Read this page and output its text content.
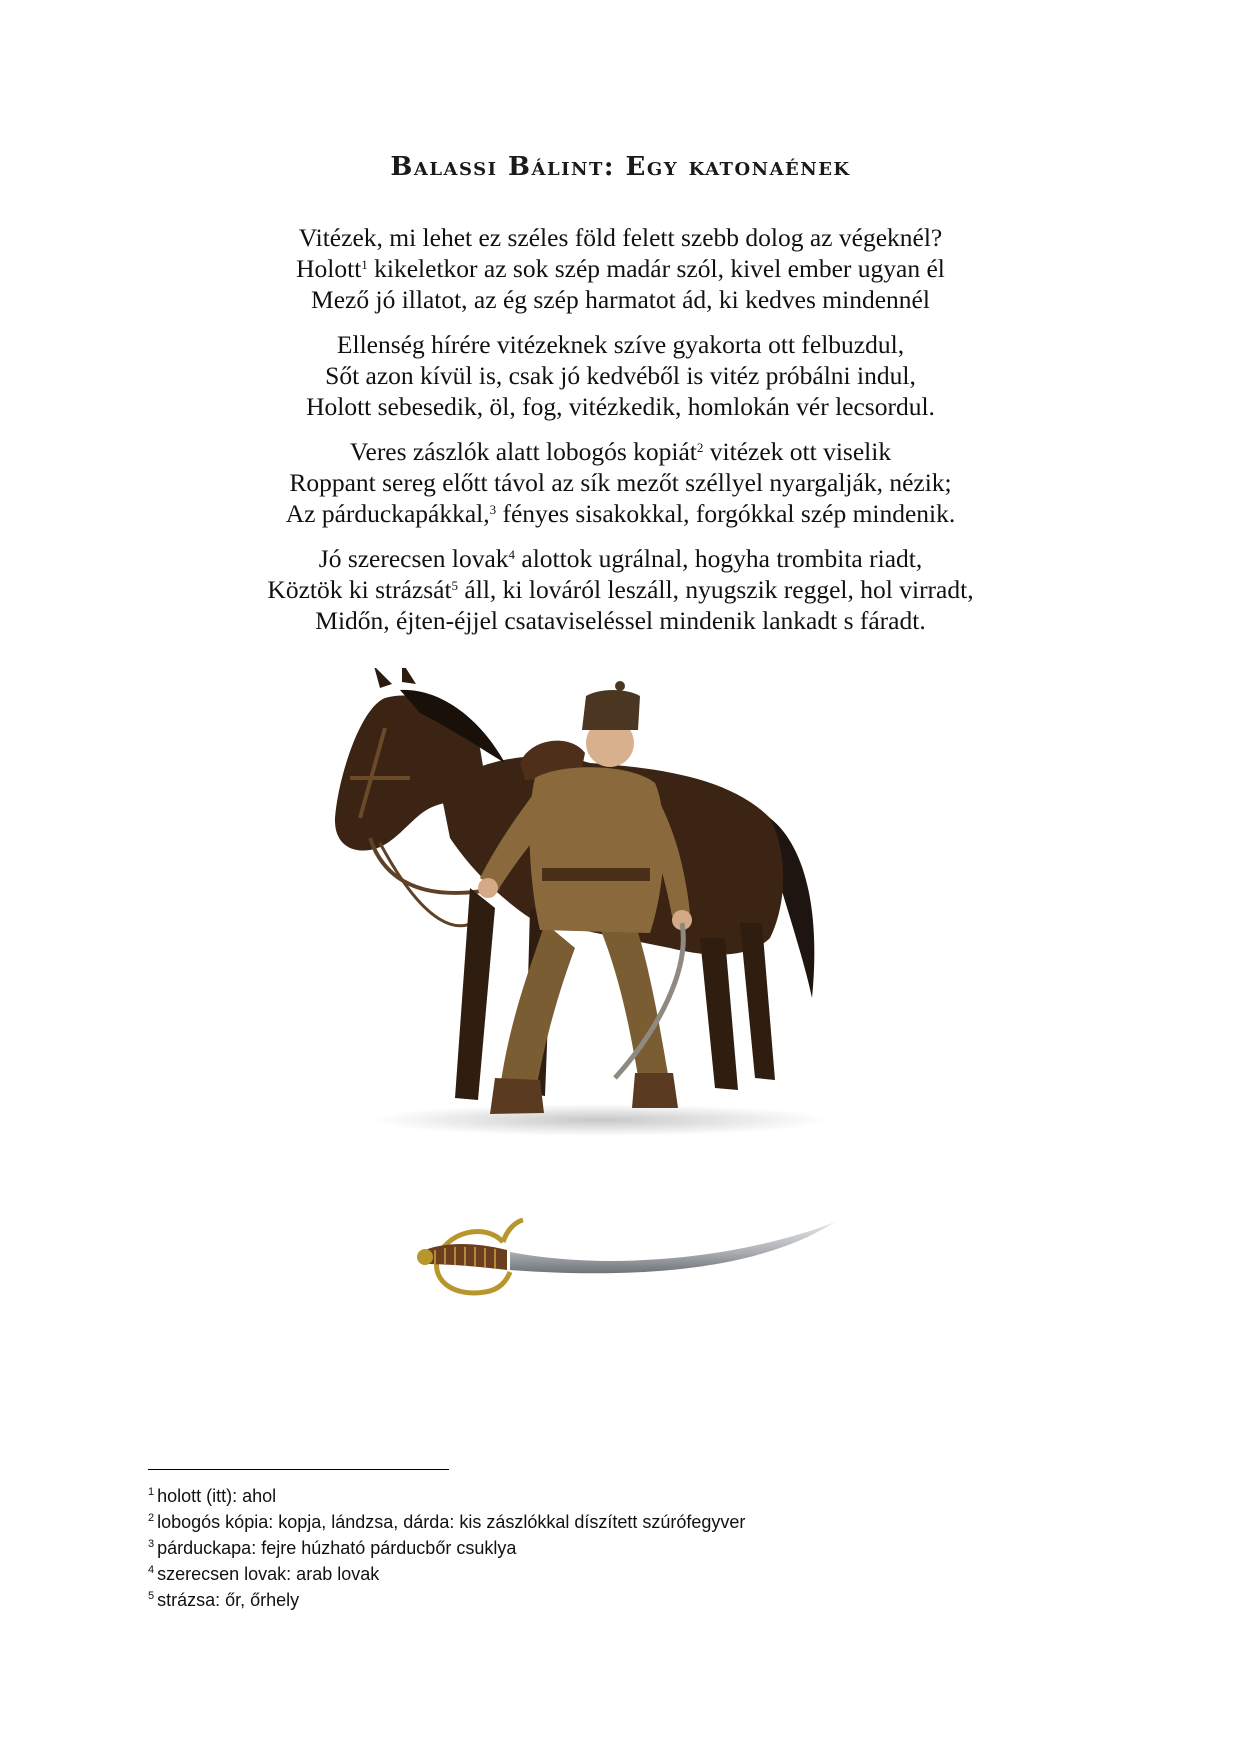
Balassi Bálint: Egy katonaének
Vitézek, mi lehet ez széles föld felett szebb dolog az végeknél?
Holott$^1$ kikeletkor az sok szép madár szól, kivel ember ugyan él
Mező jó illatot, az ég szép harmatot ád, ki kedves mindennél
Ellenség hírére vitézeknek szíve gyakorta ott felbuzdul,
Sőt azon kívül is, csak jó kedvéből is vitéz próbálni indul,
Holott sebesedik, öl, fog, vitézkedik, homlokán vér lecsordul.
Veres zászlók alatt lobogós kopiát$^2$ vitézek ott viselik
Roppant sereg előtt távol az sík mezőt széllyel nyargalják, nézik;
Az párduckapákkal,$^3$ fényes sisakokkal, forgókkal szép mindenik.
Jó szerecsen lovak$^4$ alottok ugrálnal, hogyha trombita riadt,
Köztök ki strázsát$^5$ áll, ki lováról leszáll, nyugszik reggel, hol virradt,
Midőn, éjten-éjjel csataviseléssel mindenik lankadt s fáradt.
$^1$ holott (itt): ahol
$^2$ lobogós kópia: kopja, lándzsa, dárda: kis zászlókkal díszített szúrófegyver
$^3$ párduckapa: fejre húzható párducbőr csuklya
$^4$ szerecsen lovak: arab lovak
$^5$ strázsa: őr, őrhely
